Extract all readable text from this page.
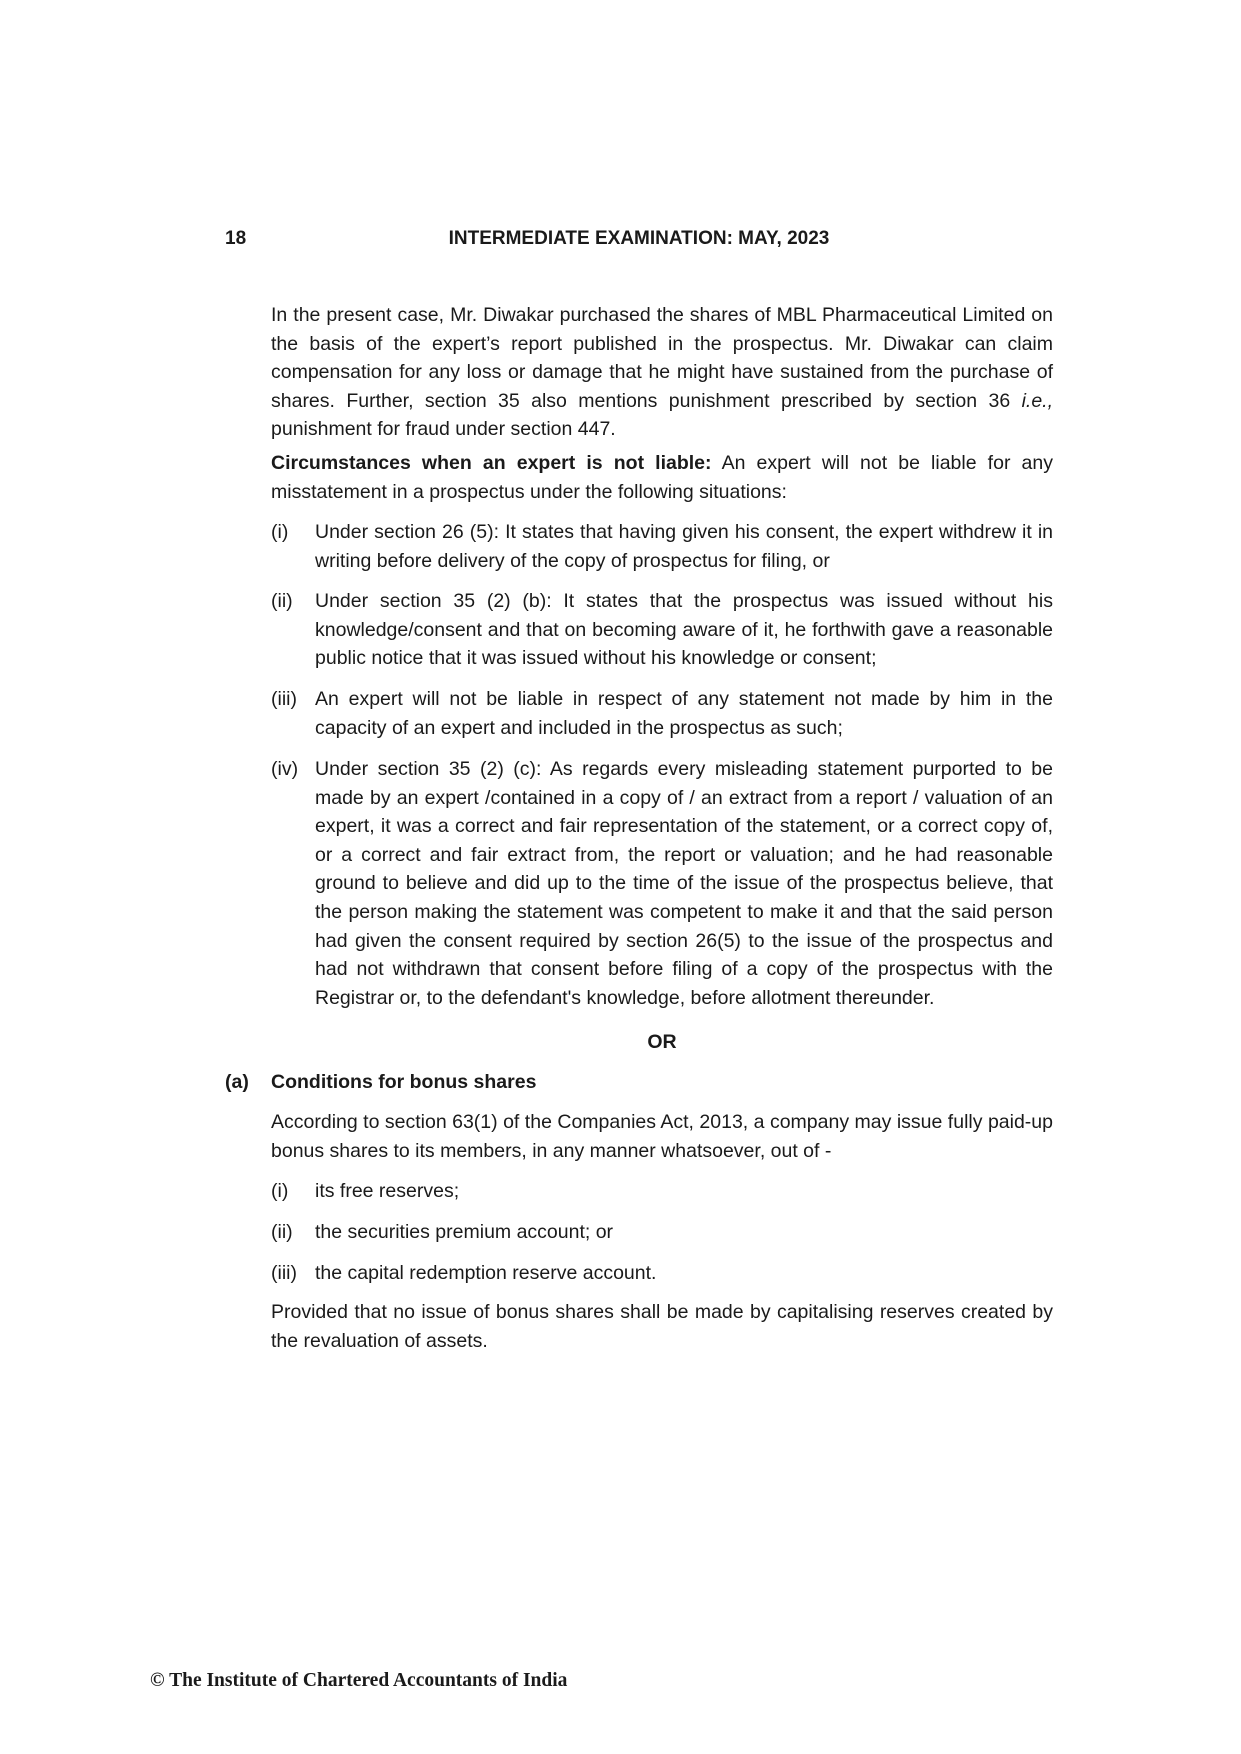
18	INTERMEDIATE EXAMINATION: MAY, 2023

In the present case, Mr. Diwakar purchased the shares of MBL Pharmaceutical Limited on the basis of the expert’s report published in the prospectus. Mr. Diwakar can claim compensation for any loss or damage that he might have sustained from the purchase of shares. Further, section 35 also mentions punishment prescribed by section 36 i.e., punishment for fraud under section 447.

Circumstances when an expert is not liable: An expert will not be liable for any misstatement in a prospectus under the following situations:

(i)	Under section 26 (5): It states that having given his consent, the expert withdrew it in writing before delivery of the copy of prospectus for filing, or
(ii)	Under section 35 (2) (b): It states that the prospectus was issued without his knowledge/consent and that on becoming aware of it, he forthwith gave a reasonable public notice that it was issued without his knowledge or consent;
(iii) An expert will not be liable in respect of any statement not made by him in the capacity of an expert and included in the prospectus as such;
(iv) Under section 35 (2) (c): As regards every misleading statement purported to be made by an expert /contained in a copy of / an extract from a report / valuation of an expert, it was a correct and fair representation of the statement, or a correct copy of, or a correct and fair extract from, the report or valuation; and he had reasonable ground to believe and did up to the time of the issue of the prospectus believe, that the person making the statement was competent to make it and that the said person had given the consent required by section 26(5) to the issue of the prospectus and had not withdrawn that consent before filing of a copy of the prospectus with the Registrar or, to the defendant's knowledge, before allotment thereunder.
OR
(a) Conditions for bonus shares

According to section 63(1) of the Companies Act, 2013, a company may issue fully paid-up bonus shares to its members, in any manner whatsoever, out of -

(i)	its free reserves;
(ii)	the securities premium account; or
(iii) the capital redemption reserve account.

Provided that no issue of bonus shares shall be made by capitalising reserves created by the revaluation of assets.

© The Institute of Chartered Accountants of India
